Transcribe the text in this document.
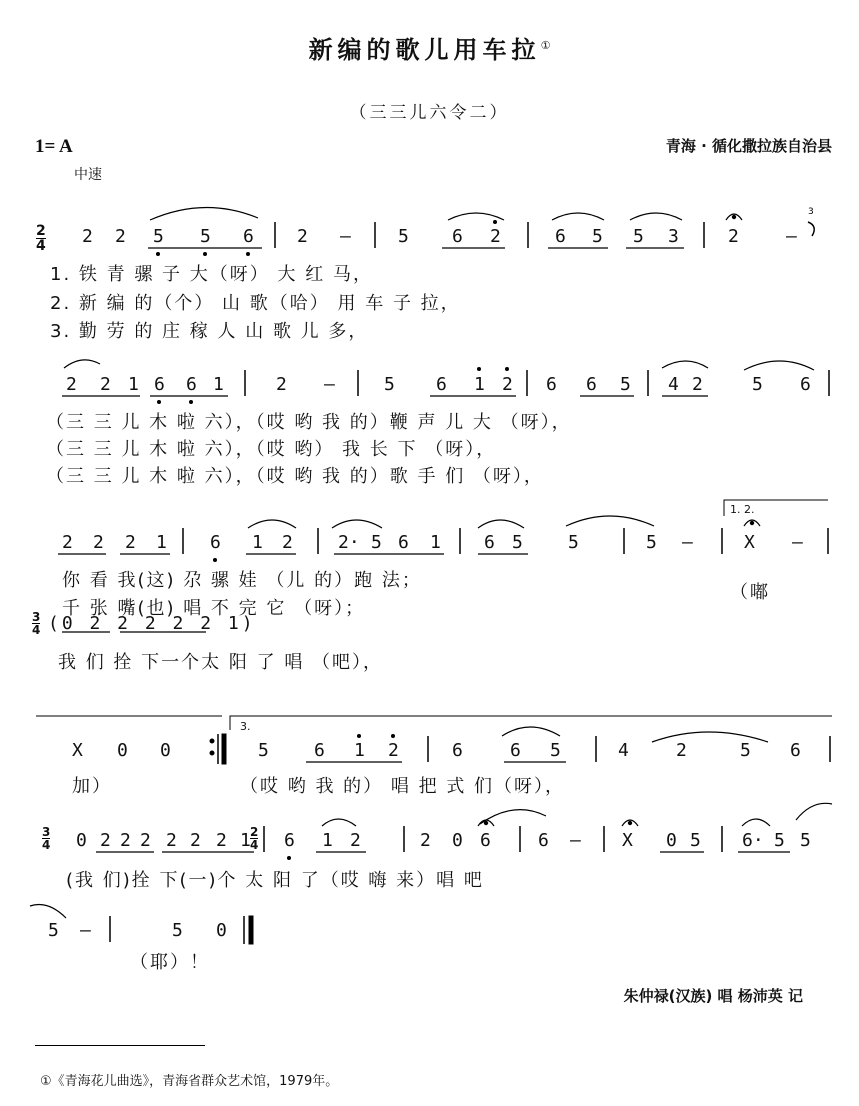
新编的歌儿用车拉①
（三三儿六令二）
1= A	青海 · 循化撒拉族自治县
中速
2
4 2 2 5 5 6 2 —	5 6 2	6 5 5 3	2	—
1. 铁 青 骡 子 大（呀） 大 红 马，
2. 新 编 的（个） 山 歌（哈） 用 车 子 拉，
3. 勤 劳 的 庄 稼 人 山 歌 儿 多，
2 2 1 6 6 1	2 —	5 6 1 2 6 6 5 4 2	5 6
（三 三 儿 木 啦 六），（哎 哟 我 的）鞭 声 儿 大 （呀），
（三 三 儿 木 啦 六），（哎 哟） 我 长 下 （呀），
（三 三 儿 木 啦 六），（哎 哟 我 的）歌 手 们 （呀），
1. 2.
2 2 2 1 6 1 2	2· 5 6 1 6 5	5	5 —	X —
你 看 我(这) 尕 骡 娃 （儿 的）跑 法；
千 张 嘴(也) 唱 不 完 它 （呀）；
（嘟
3
4 (0 2 2 2 2 2 1)
我 们 拴 下一个太 阳 了 唱 （吧），
3.
X 0 0	5	6 1 2	6	6 5	4	2	5 6
加）	（哎 哟 我 的） 唱 把 式 们（呀），
3
4
2
4
0 2 2 2 2 2 2 1 6 1 2	2 0 6	6 — X 0 5 6· 5 5
(我 们)拴 下(一)个 太 阳 了（哎 嗨 来）唱 吧
5 —	5 0
（耶）！
朱仲禄(汉族) 唱 杨沛英 记
①《青海花儿曲选》，青海省群众艺术馆，1979年。
3
